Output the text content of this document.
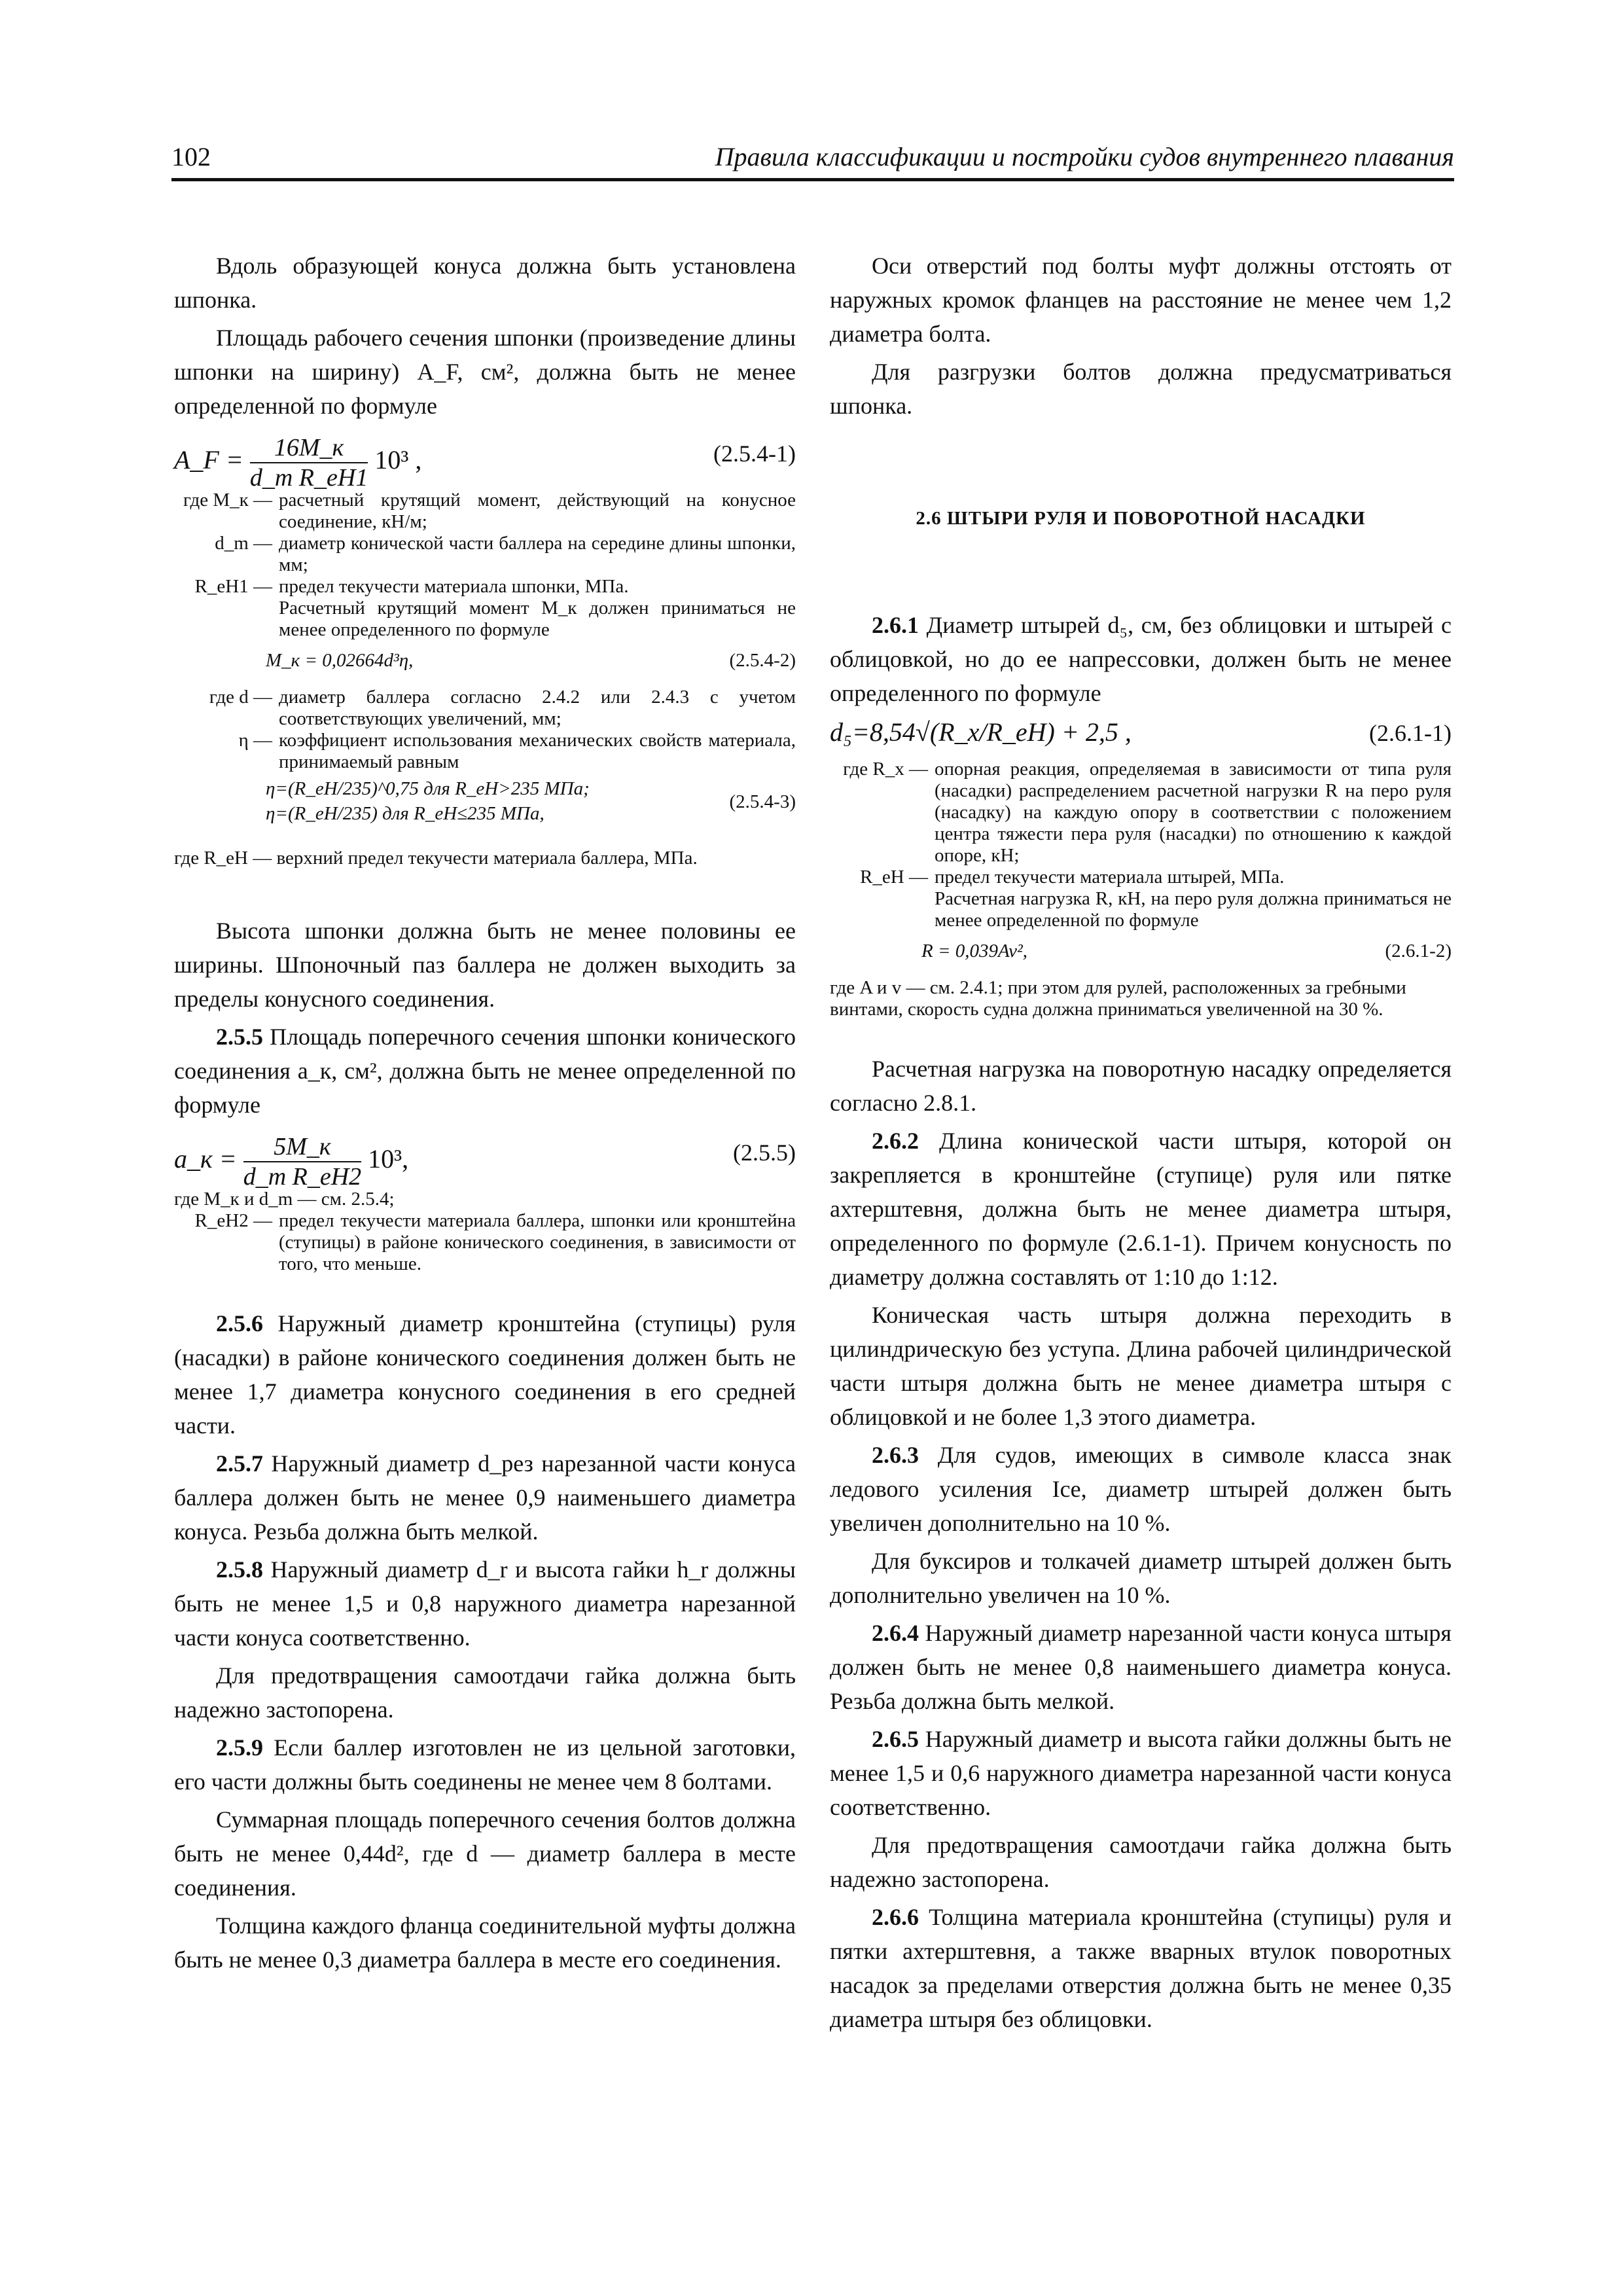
102	Правила классификации и постройки судов внутреннего плавания

Вдоль образующей конуса должна быть установлена шпонка.

Площадь рабочего сечения шпонки (произведение длины шпонки на ширину) A_F, см², должна быть не менее определенной по формуле

A_F = $\frac{16M\_к}{\text{d\_m R\_eH1}} 10^3$ ,	(2.5.4-1)
где M_к — расчетный крутящий момент, действующий на конусное соединение, кН/м;
d_m — диаметр конической части баллера на середине длины шпонки, мм;
R_eH1 — предел текучести материала шпонки, МПа.
Расчетный крутящий момент M_к должен приниматься не менее определенного по формуле
M_к = 0,02664d³η,	(2.5.4-2)
где d — диаметр баллера согласно 2.4.2 или 2.4.3 с учетом соответствующих увеличений, мм;
η — коэффициент использования механических свойств материала, принимаемый равным
η=(R_eH/235)^0,75 для R_eH>235 МПа;
η=(R_eH/235) для R_eH≤235 МПа,
(2.5.4-3)
где R_eH — верхний предел текучести материала баллера, МПа.

Высота шпонки должна быть не менее половины ее ширины. Шпоночный паз баллера не должен выходить за пределы конусного соединения.

2.5.5 Площадь поперечного сечения шпонки конического соединения a_к, см², должна быть не менее определенной по формуле

a_к = $\frac{5M\_к}{\text{d\_m R\_eH2}} 10^3$,	(2.5.5)
где M_к и d_m — см. 2.5.4;
R_eH2 — предел текучести материала баллера, шпонки или кронштейна (ступицы) в районе конического соединения, в зависимости от того, что меньше.

2.5.6 Наружный диаметр кронштейна (ступицы) руля (насадки) в районе конического соединения должен быть не менее 1,7 диаметра конусного соединения в его средней части.

2.5.7 Наружный диаметр d_рез нарезанной части конуса баллера должен быть не менее 0,9 наименьшего диаметра конуса. Резьба должна быть мелкой.

2.5.8 Наружный диаметр d_r и высота гайки h_r должны быть не менее 1,5 и 0,8 наружного диаметра нарезанной части конуса соответственно.

Для предотвращения самоотдачи гайка должна быть надежно застопорена.

2.5.9 Если баллер изготовлен не из цельной заготовки, его части должны быть соединены не менее чем 8 болтами.

Суммарная площадь поперечного сечения болтов должна быть не менее 0,44d², где d — диаметр баллера в месте соединения.

Толщина каждого фланца соединительной муфты должна быть не менее 0,3 диаметра баллера в месте его соединения.

Оси отверстий под болты муфт должны отстоять от наружных кромок фланцев на расстояние не менее чем 1,2 диаметра болта.

Для разгрузки болтов должна предусматриваться шпонка.

2.6 ШТЫРИ РУЛЯ И ПОВОРОТНОЙ НАСАДКИ

2.6.1 Диаметр штырей d₅, см, без облицовки и штырей с облицовкой, но до ее напрессовки, должен быть не менее определенного по формуле

d₅=8,54√(R_x/R_eH) + 2,5 ,	(2.6.1-1)
где R_x — опорная реакция, определяемая в зависимости от типа руля (насадки) распределением расчетной нагрузки R на перо руля (насадку) на каждую опору в соответствии с положением центра тяжести пера руля (насадки) по отношению к каждой опоре, кН;
R_eH — предел текучести материала штырей, МПа.
Расчетная нагрузка R, кН, на перо руля должна приниматься не менее определенной по формуле
R = 0,039Av²,	(2.6.1-2)
где A и v — см. 2.4.1; при этом для рулей, расположенных за гребными винтами, скорость судна должна приниматься увеличенной на 30 %.

Расчетная нагрузка на поворотную насадку определяется согласно 2.8.1.

2.6.2 Длина конической части штыря, которой он закрепляется в кронштейне (ступице) руля или пятке ахтерштевня, должна быть не менее диаметра штыря, определенного по формуле (2.6.1-1). Причем конусность по диаметру должна составлять от 1:10 до 1:12.

Коническая часть штыря должна переходить в цилиндрическую без уступа. Длина рабочей цилиндрической части штыря должна быть не менее диаметра штыря с облицовкой и не более 1,3 этого диаметра.

2.6.3 Для судов, имеющих в символе класса знак ледового усиления Ice, диаметр штырей должен быть увеличен дополнительно на 10 %.

Для буксиров и толкачей диаметр штырей должен быть дополнительно увеличен на 10 %.

2.6.4 Наружный диаметр нарезанной части конуса штыря должен быть не менее 0,8 наименьшего диаметра конуса. Резьба должна быть мелкой.

2.6.5 Наружный диаметр и высота гайки должны быть не менее 1,5 и 0,6 наружного диаметра нарезанной части конуса соответственно.

Для предотвращения самоотдачи гайка должна быть надежно застопорена.

2.6.6 Толщина материала кронштейна (ступицы) руля и пятки ахтерштевня, а также вварных втулок поворотных насадок за пределами отверстия должна быть не менее 0,35 диаметра штыря без облицовки.
